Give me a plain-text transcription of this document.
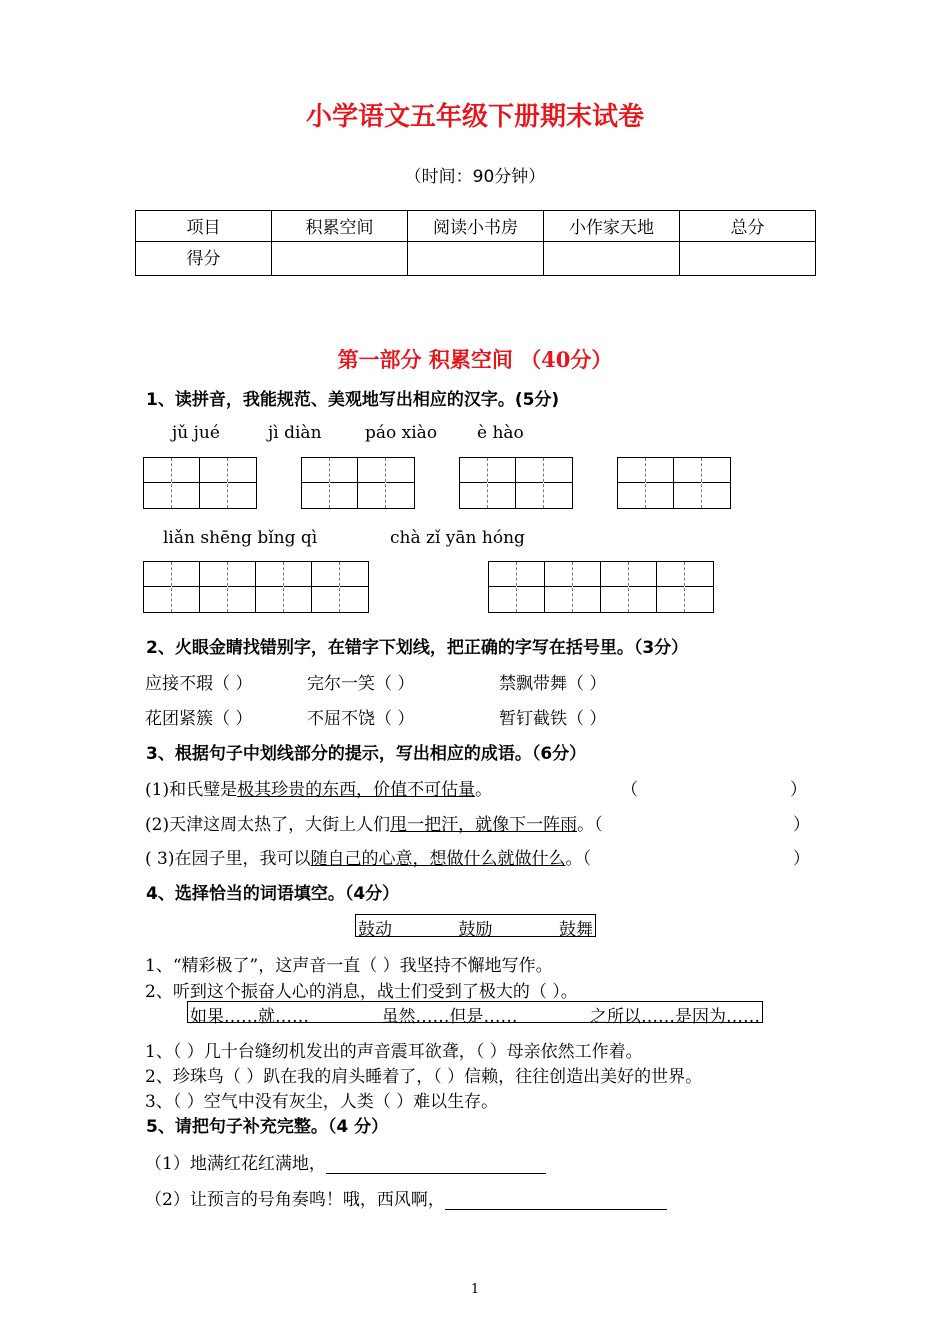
小学语文五年级下册期末试卷
（时间：90分钟）
项目	积累空间	阅读小书房	小作家天地	总分
得分				
第一部分 积累空间 （40分）
1、读拼音，我能规范、美观地写出相应的汉字。(5分)
jǔ jué	jì diàn	páo xiào è hào
liǎn shēng bǐng qì	chà zǐ yān hóng
2、火眼金睛找错别字，在错字下划线，把正确的字写在括号里。（3分）
应接不瑕（ ）	完尔一笑（ ）	禁飘带舞（ ）
花团紧簇（ ）	不屈不饶（ ）	暂钉截铁（ ）
3、根据句子中划线部分的提示，写出相应的成语。（6分）
(1)和氏璧是极其珍贵的东西，价值不可估量。	（	）
(2)天津这周太热了，大街上人们甩一把汗，就像下一阵雨。（	）
( 3)在园子里，我可以随自己的心意，想做什么就做什么。（	）
4、选择恰当的词语填空。（4分）
鼓动	鼓励	鼓舞
1、“精彩极了”，这声音一直（ ）我坚持不懈地写作。
2、听到这个振奋人心的消息，战士们受到了极大的（ ）。
如果……就……	虽然……但是……	之所以……是因为……
1、（ ）几十台缝纫机发出的声音震耳欲聋，（ ）母亲依然工作着。
2、珍珠鸟（ ）趴在我的肩头睡着了，（ ）信赖，往往创造出美好的世界。
3、（ ）空气中没有灰尘，人类（ ）难以生存。
5、请把句子补充完整。（4 分）
（1）地满红花红满地，
（2）让预言的号角奏鸣！哦，西风啊，
1
